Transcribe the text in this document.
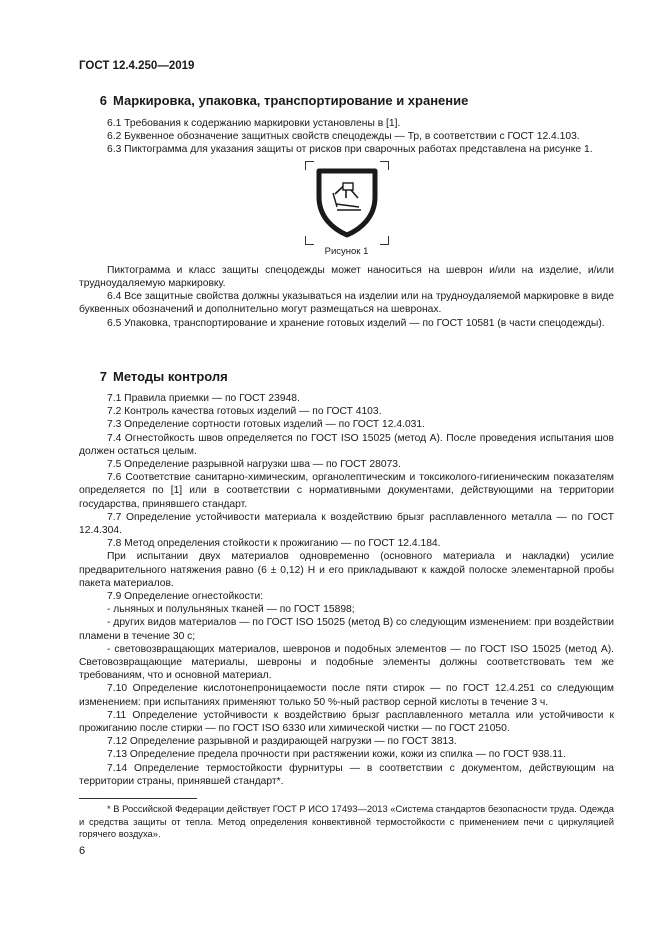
ГОСТ 12.4.250—2019
6 Маркировка, упаковка, транспортирование и хранение

6.1 Требования к содержанию маркировки установлены в [1].

6.2 Буквенное обозначение защитных свойств спецодежды — Тр, в соответствии с ГОСТ 12.4.103.

6.3 Пиктограмма для указания защиты от рисков при сварочных работах представлена на рисунке 1.

Рисунок 1

Пиктограмма и класс защиты спецодежды может наноситься на шеврон и/или на изделие, и/или трудноудаляемую маркировку.

6.4 Все защитные свойства должны указываться на изделии или на трудноудаляемой маркировке в виде буквенных обозначений и дополнительно могут размещаться на шевронах.

6.5 Упаковка, транспортирование и хранение готовых изделий — по ГОСТ 10581 (в части спецодежды).

7 Методы контроля

7.1 Правила приемки — по ГОСТ 23948.

7.2 Контроль качества готовых изделий — по ГОСТ 4103.

7.3 Определение сортности готовых изделий — по ГОСТ 12.4.031.

7.4 Огнестойкость швов определяется по ГОСТ ISO 15025 (метод А). После проведения испытания шов должен остаться целым.

7.5 Определение разрывной нагрузки шва — по ГОСТ 28073.

7.6 Соответствие санитарно-химическим, органолептическим и токсиколого-гигиеническим показателям определяется по [1] или в соответствии с нормативными документами, действующими на территории государства, принявшего стандарт.

7.7 Определение устойчивости материала к воздействию брызг расплавленного металла — по ГОСТ 12.4.304.

7.8 Метод определения стойкости к прожиганию — по ГОСТ 12.4.184.

При испытании двух материалов одновременно (основного материала и накладки) усилие предварительного натяжения равно (6 ± 0,12) Н и его прикладывают к каждой полоске элементарной пробы пакета материалов.

7.9 Определение огнестойкости:

- льняных и полульняных тканей — по ГОСТ 15898;

- других видов материалов — по ГОСТ ISO 15025 (метод В) со следующим изменением: при воздействии пламени в течение 30 с;

- световозвращающих материалов, шевронов и подобных элементов — по ГОСТ ISO 15025 (метод А). Световозвращающие материалы, шевроны и подобные элементы должны соответствовать тем же требованиям, что и основной материал.

7.10 Определение кислотонепроницаемости после пяти стирок — по ГОСТ 12.4.251 со следующим изменением: при испытаниях применяют только 50 %-ный раствор серной кислоты в течение 3 ч.

7.11 Определение устойчивости к воздействию брызг расплавленного металла или устойчивости к прожиганию после стирки — по ГОСТ ISO 6330 или химической чистки — по ГОСТ 21050.

7.12 Определение разрывной и раздирающей нагрузки — по ГОСТ 3813.

7.13 Определение предела прочности при растяжении кожи, кожи из спилка — по ГОСТ 938.11.

7.14 Определение термостойкости фурнитуры — в соответствии с документом, действующим на территории страны, принявшей стандарт*.

* В Российской Федерации действует ГОСТ Р ИСО 17493—2013 «Система стандартов безопасности труда. Одежда и средства защиты от тепла. Метод определения конвективной термостойкости с применением печи с циркуляцией горячего воздуха».

6
